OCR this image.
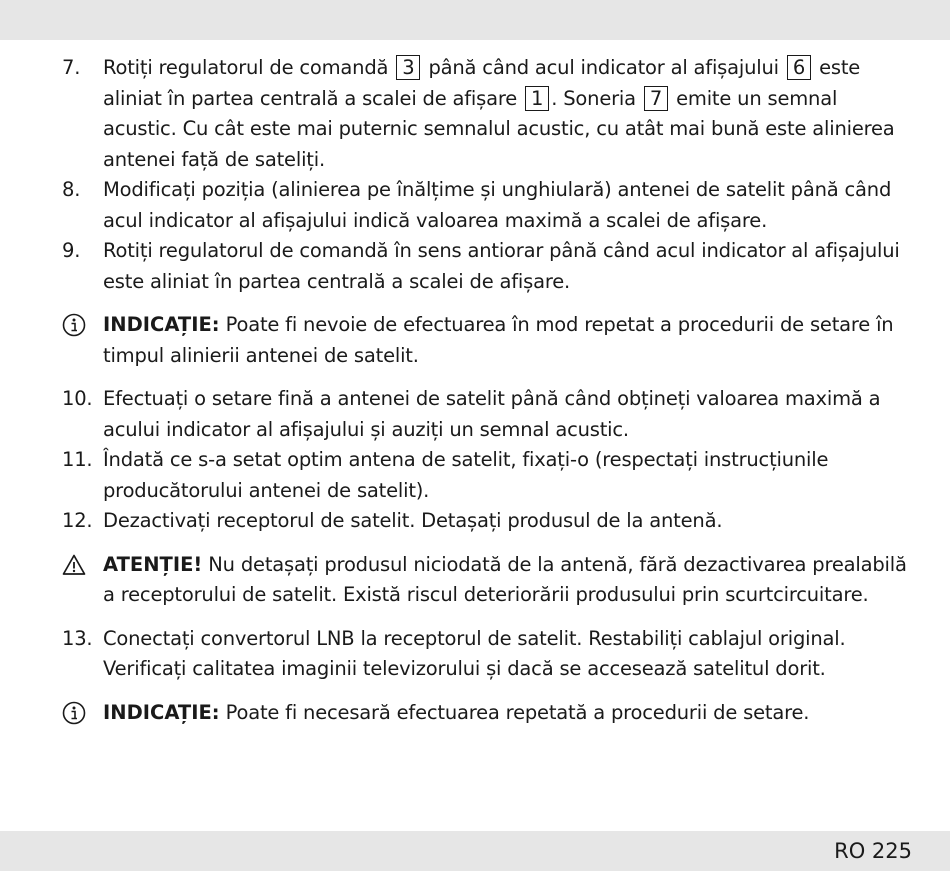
7. Rotiți regulatorul de comandă 3 până când acul indicator al afișajului 6 este aliniat în partea centrală a scalei de afișare 1 . Soneria 7 emite un semnal acustic. Cu cât este mai puternic semnalul acustic, cu atât mai bună este alinierea antenei față de sateliți.
8. Modificați poziția (alinierea pe înălțime și unghiulară) antenei de satelit până când acul indicator al afișajului indică valoarea maximă a scalei de afișare.
9. Rotiți regulatorul de comandă în sens antiorar până când acul indicator al afișajului este aliniat în partea centrală a scalei de afișare.
INDICAȚIE: Poate fi nevoie de efectuarea în mod repetat a procedurii de setare în timpul alinierii antenei de satelit.
10. Efectuați o setare fină a antenei de satelit până când obțineți valoarea maximă a acului indicator al afișajului și auziți un semnal acustic.
11. Îndată ce s-a setat optim antena de satelit, fixați-o (respectați instrucțiunile producătorului antenei de satelit).
12. Dezactivați receptorul de satelit. Detașați produsul de la antenă.
ATENȚIE! Nu detașați produsul niciodată de la antenă, fără dezactivarea prealabilă a receptorului de satelit. Există riscul deteriorării produsului prin scurtcircuitare.
13. Conectați convertorul LNB la receptorul de satelit. Restabiliți cablajul original. Verificați calitatea imaginii televizorului și dacă se accesează satelitul dorit.
INDICAȚIE: Poate fi necesară efectuarea repetată a procedurii de setare.
RO 225
